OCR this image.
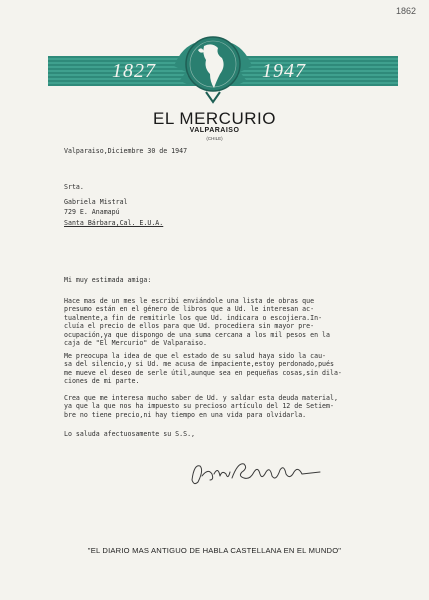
1862
1827	1947
EL MERCURIO
VALPARAISO
(CHILE)
Valparaiso,Diciembre 30 de 1947
Srta.
Gabriela Mistral
729 E. Anamapú
Santa Bárbara,Cal. E.U.A.
Mi muy estimada amiga:
Hace mas de un mes le escribí enviándole una lista de obras que
presumo están en el género de libros que a Ud. le interesan ac-
tualmente,a fin de remitirle los que Ud. indicara o escojiera.In-
cluía el precio de ellos para que Ud. procediera sin mayor pre-
ocupación,ya que dispongo de una suma cercana a los mil pesos en la
caja de "El Mercurio" de Valparaiso.
Me preocupa la idea de que el estado de su salud haya sido la cau-
sa del silencio,y si Ud. me acusa de impaciente,estoy perdonado,pués
me mueve el deseo de serle útil,aunque sea en pequeñas cosas,sin dila-
ciones de mi parte.
Crea que me interesa mucho saber de Ud. y saldar esta deuda material,
ya que la que nos ha impuesto su precioso artículo del 12 de Setiem-
bre no tiene precio,ni hay tiempo en una vida para olvidarla.
Lo saluda afectuosamente su S.S.,
"EL DIARIO MAS ANTIGUO DE HABLA CASTELLANA EN EL MUNDO"
